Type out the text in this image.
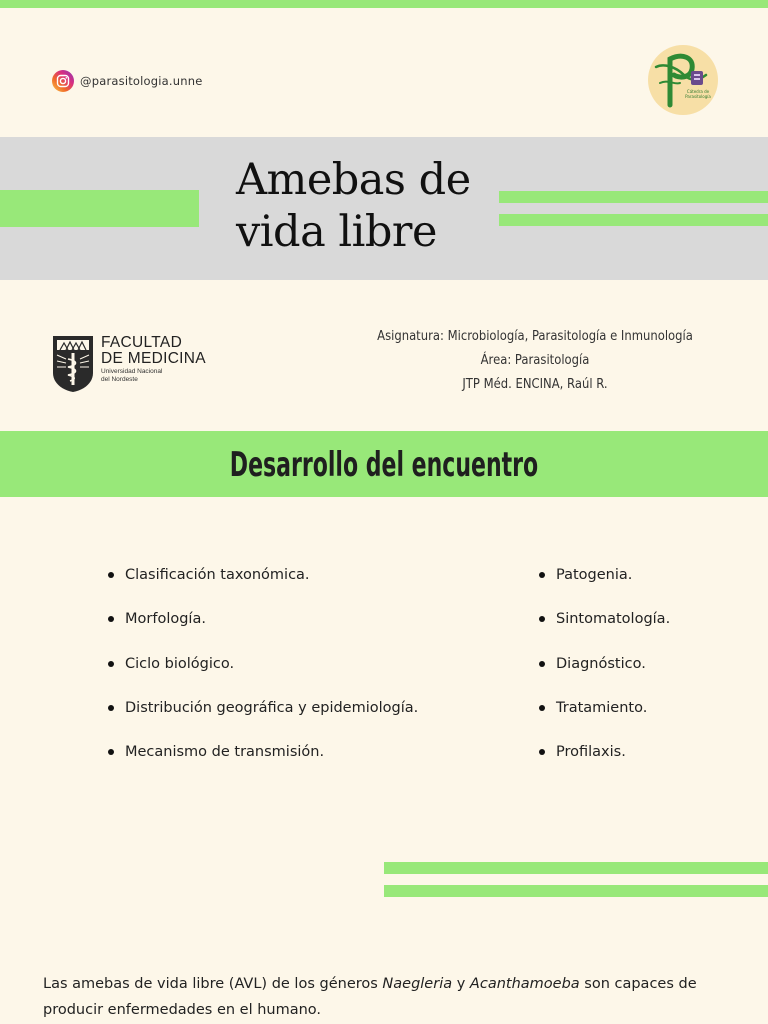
@parasitologia.unne
Cátedra de
Parasitología
Amebas de
vida libre
FACULTAD
DE MEDICINA
Universidad Nacional
del Nordeste
Asignatura: Microbiología, Parasitología e Inmunología
Área: Parasitología
JTP Méd. ENCINA, Raúl R.
Desarrollo del encuentro
Clasificación taxonómica.
Morfología.
Ciclo biológico.
Distribución geográfica y epidemiología.
Mecanismo de transmisión.
Patogenia.
Sintomatología.
Diagnóstico.
Tratamiento.
Profilaxis.

Las amebas de vida libre (AVL) de los géneros Naegleria y Acanthamoeba son capaces de producir enfermedades en el humano.
